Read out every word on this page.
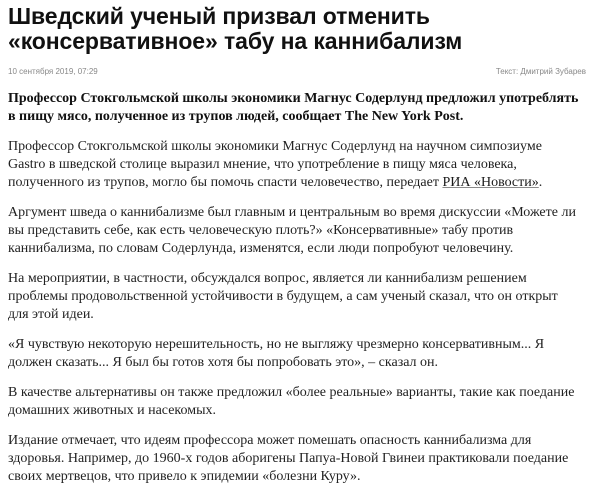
Шведский ученый призвал отменить «консервативное» табу на каннибализм
10 сентября 2019, 07:29	Текст: Дмитрий Зубарев

Профессор Стокгольмской школы экономики Магнус Содерлунд предложил употреблять в пищу мясо, полученное из трупов людей, сообщает The New York Post.

Профессор Стокгольмской школы экономики Магнус Содерлунд на научном симпозиуме Gastro в шведской столице выразил мнение, что употребление в пищу мяса человека, полученного из трупов, могло бы помочь спасти человечество, передает РИА «Новости».

Аргумент шведа о каннибализме был главным и центральным во время дискуссии «Можете ли вы представить себе, как есть человеческую плоть?» «Консервативные» табу против каннибализма, по словам Содерлунда, изменятся, если люди попробуют человечину.

На мероприятии, в частности, обсуждался вопрос, является ли каннибализм решением проблемы продовольственной устойчивости в будущем, а сам ученый сказал, что он открыт для этой идеи.

«Я чувствую некоторую нерешительность, но не выгляжу чрезмерно консервативным... Я должен сказать... Я был бы готов хотя бы попробовать это», – сказал он.

В качестве альтернативы он также предложил «более реальные» варианты, такие как поедание домашних животных и насекомых.

Издание отмечает, что идеям профессора может помешать опасность каннибализма для здоровья. Например, до 1960-х годов аборигены Папуа-Новой Гвинеи практиковали поедание своих мертвецов, что привело к эпидемии «болезни Куру».
